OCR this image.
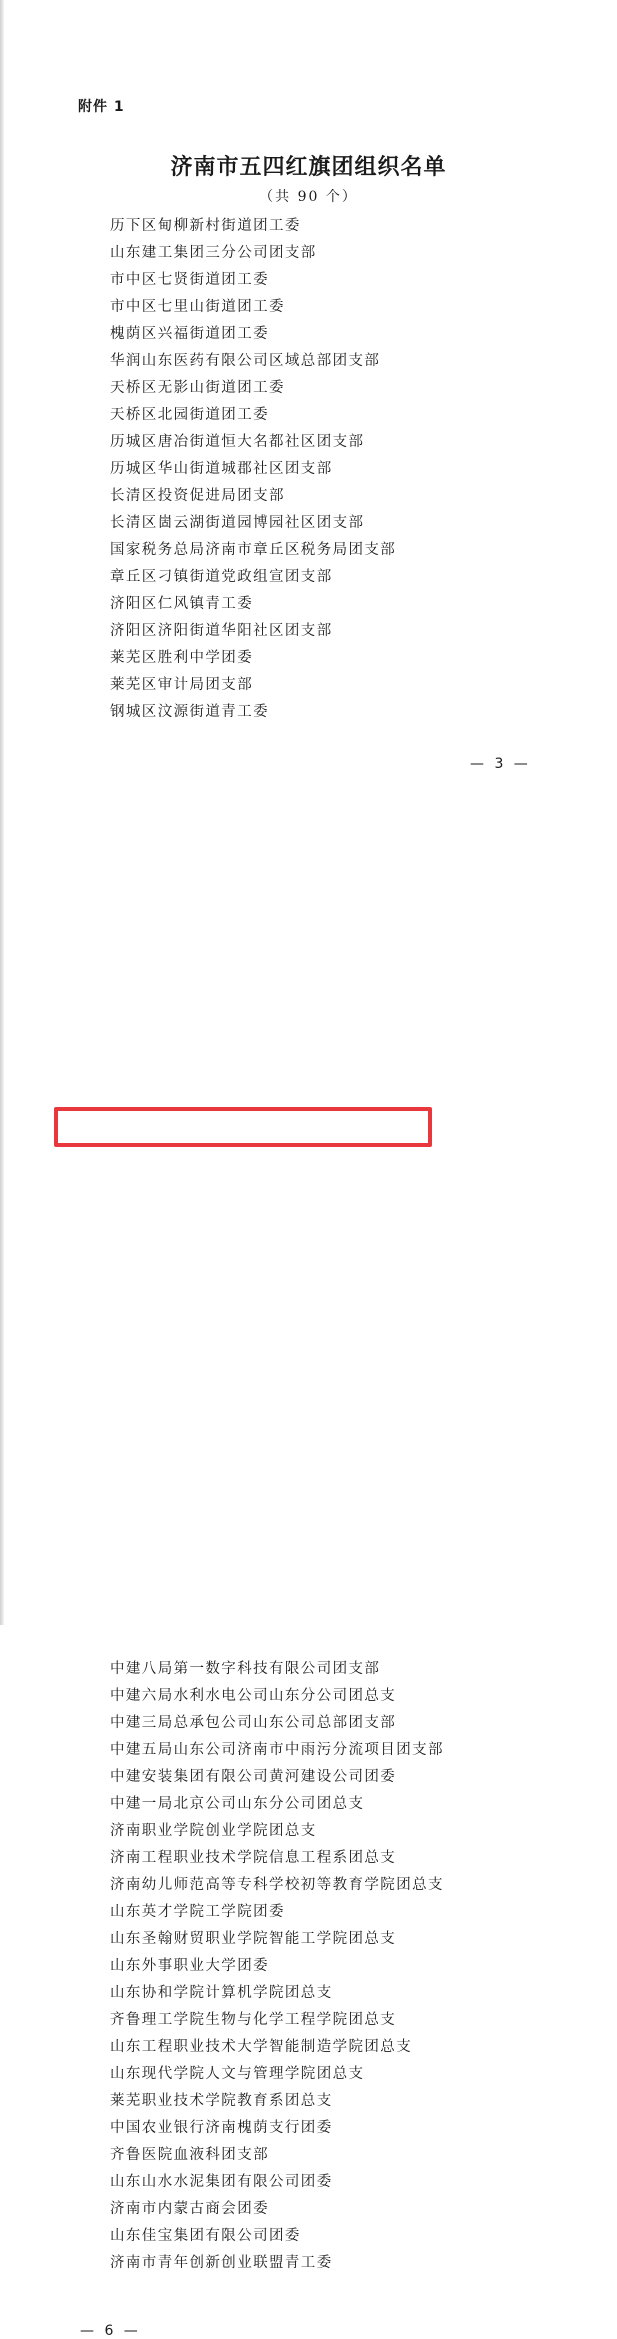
附件 1
济南市五四红旗团组织名单
（共 90 个）
历下区甸柳新村街道团工委
山东建工集团三分公司团支部
市中区七贤街道团工委
市中区七里山街道团工委
槐荫区兴福街道团工委
华润山东医药有限公司区域总部团支部
天桥区无影山街道团工委
天桥区北园街道团工委
历城区唐冶街道恒大名都社区团支部
历城区华山街道城郡社区团支部
长清区投资促进局团支部
长清区崮云湖街道园博园社区团支部
国家税务总局济南市章丘区税务局团支部
章丘区刁镇街道党政组宣团支部
济阳区仁风镇青工委
济阳区济阳街道华阳社区团支部
莱芜区胜利中学团委
莱芜区审计局团支部
钢城区汶源街道青工委
— 3 —
中建八局第一数字科技有限公司团支部
中建六局水利水电公司山东分公司团总支
中建三局总承包公司山东公司总部团支部
中建五局山东公司济南市中雨污分流项目团支部
中建安装集团有限公司黄河建设公司团委
中建一局北京公司山东分公司团总支
济南职业学院创业学院团总支
济南工程职业技术学院信息工程系团总支
济南幼儿师范高等专科学校初等教育学院团总支
山东英才学院工学院团委
山东圣翰财贸职业学院智能工学院团总支
山东外事职业大学团委
山东协和学院计算机学院团总支
齐鲁理工学院生物与化学工程学院团总支
山东工程职业技术大学智能制造学院团总支
山东现代学院人文与管理学院团总支
莱芜职业技术学院教育系团总支
中国农业银行济南槐荫支行团委
齐鲁医院血液科团支部
山东山水水泥集团有限公司团委
济南市内蒙古商会团委
山东佳宝集团有限公司团委
济南市青年创新创业联盟青工委
— 6 —
